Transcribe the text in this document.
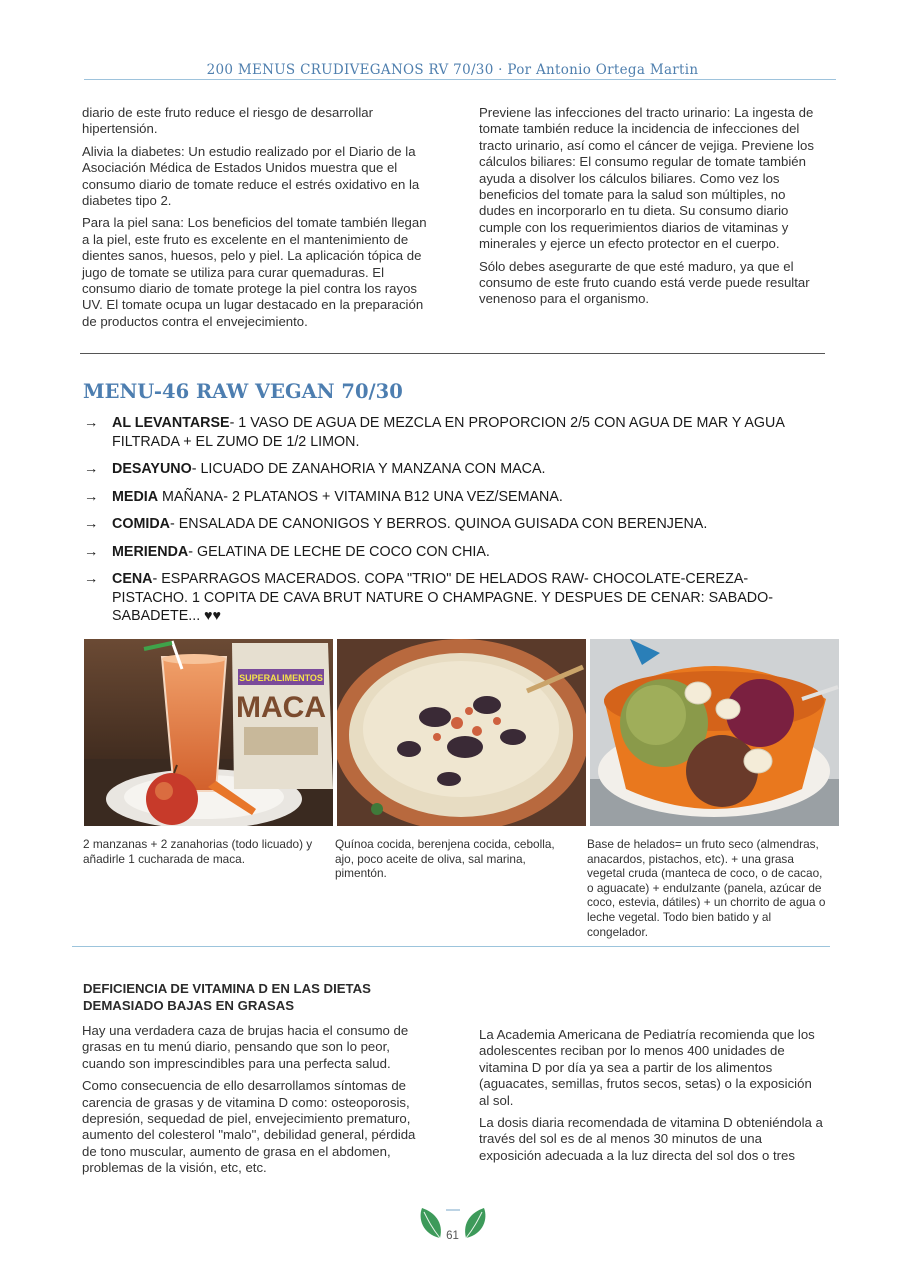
200 MENUS CRUDIVEGANOS RV 70/30 · Por Antonio Ortega Martin

diario de este fruto reduce el riesgo de desarrollar hipertensión.

Alivia la diabetes: Un estudio realizado por el Diario de la Asociación Médica de Estados Unidos muestra que el consumo diario de tomate reduce el estrés oxidativo en la diabetes tipo 2.

Para la piel sana: Los beneficios del tomate también llegan a la piel, este fruto es excelente en el mantenimiento de dientes sanos, huesos, pelo y piel. La aplicación tópica de jugo de tomate se utiliza para curar quemaduras. El consumo diario de tomate protege la piel contra los rayos UV. El tomate ocupa un lugar destacado en la preparación de productos contra el envejecimiento.

Previene las infecciones del tracto urinario: La ingesta de tomate también reduce la incidencia de infecciones del tracto urinario, así como el cáncer de vejiga. Previene los cálculos biliares: El consumo regular de tomate también ayuda a disolver los cálculos biliares. Como vez los beneficios del tomate para la salud son múltiples, no dudes en incorporarlo en tu dieta. Su consumo diario cumple con los requerimientos diarios de vitaminas y minerales y ejerce un efecto protector en el cuerpo.

Sólo debes asegurarte de que esté maduro, ya que el consumo de este fruto cuando está verde puede resultar venenoso para el organismo.

MENU-46 RAW VEGAN 70/30
→ AL LEVANTARSE- 1 VASO DE AGUA DE MEZCLA EN PROPORCION 2/5 CON AGUA DE MAR Y AGUA FILTRADA + EL ZUMO DE 1/2 LIMON.
→ DESAYUNO- LICUADO DE ZANAHORIA Y MANZANA CON MACA.
→ MEDIA MAÑANA- 2 PLATANOS + VITAMINA B12 UNA VEZ/SEMANA.
→ COMIDA- ENSALADA DE CANONIGOS Y BERROS. QUINOA GUISADA CON BERENJENA.
→ MERIENDA- GELATINA DE LECHE DE COCO CON CHIA.
→ CENA- ESPARRAGOS MACERADOS. COPA "TRIO" DE HELADOS RAW- CHOCOLATE-CEREZA-PISTACHO. 1 COPITA DE CAVA BRUT NATURE O CHAMPAGNE. Y DESPUES DE CENAR: SABADO-SABADETE... ♥♥
SUPERALIMENTOS
MACA
2 manzanas + 2 zanahorias (todo licuado) y añadirle 1 cucharada de maca.
Quínoa cocida, berenjena cocida, cebolla, ajo, poco aceite de oliva, sal marina, pimentón.
Base de helados= un fruto seco (almendras, anacardos, pistachos, etc). + una grasa vegetal cruda (manteca de coco, o de cacao, o aguacate) + endulzante (panela, azúcar de coco, estevia, dátiles) + un chorrito de agua o leche vegetal. Todo bien batido y al congelador.
DEFICIENCIA DE VITAMINA D EN LAS DIETAS DEMASIADO BAJAS EN GRASAS

Hay una verdadera caza de brujas hacia el consumo de grasas en tu menú diario, pensando que son lo peor, cuando son imprescindibles para una perfecta salud.

Como consecuencia de ello desarrollamos síntomas de carencia de grasas y de vitamina D como: osteoporosis, depresión, sequedad de piel, envejecimiento prematuro, aumento del colesterol "malo", debilidad general, pérdida de tono muscular, aumento de grasa en el abdomen, problemas de la visión, etc, etc.

La Academia Americana de Pediatría recomienda que los adolescentes reciban por lo menos 400 unidades de vitamina D por día ya sea a partir de los alimentos (aguacates, semillas, frutos secos, setas) o la exposición al sol.

La dosis diaria recomendada de vitamina D obteniéndola a través del sol es de al menos 30 minutos de una exposición adecuada a la luz directa del sol dos o tres

61
